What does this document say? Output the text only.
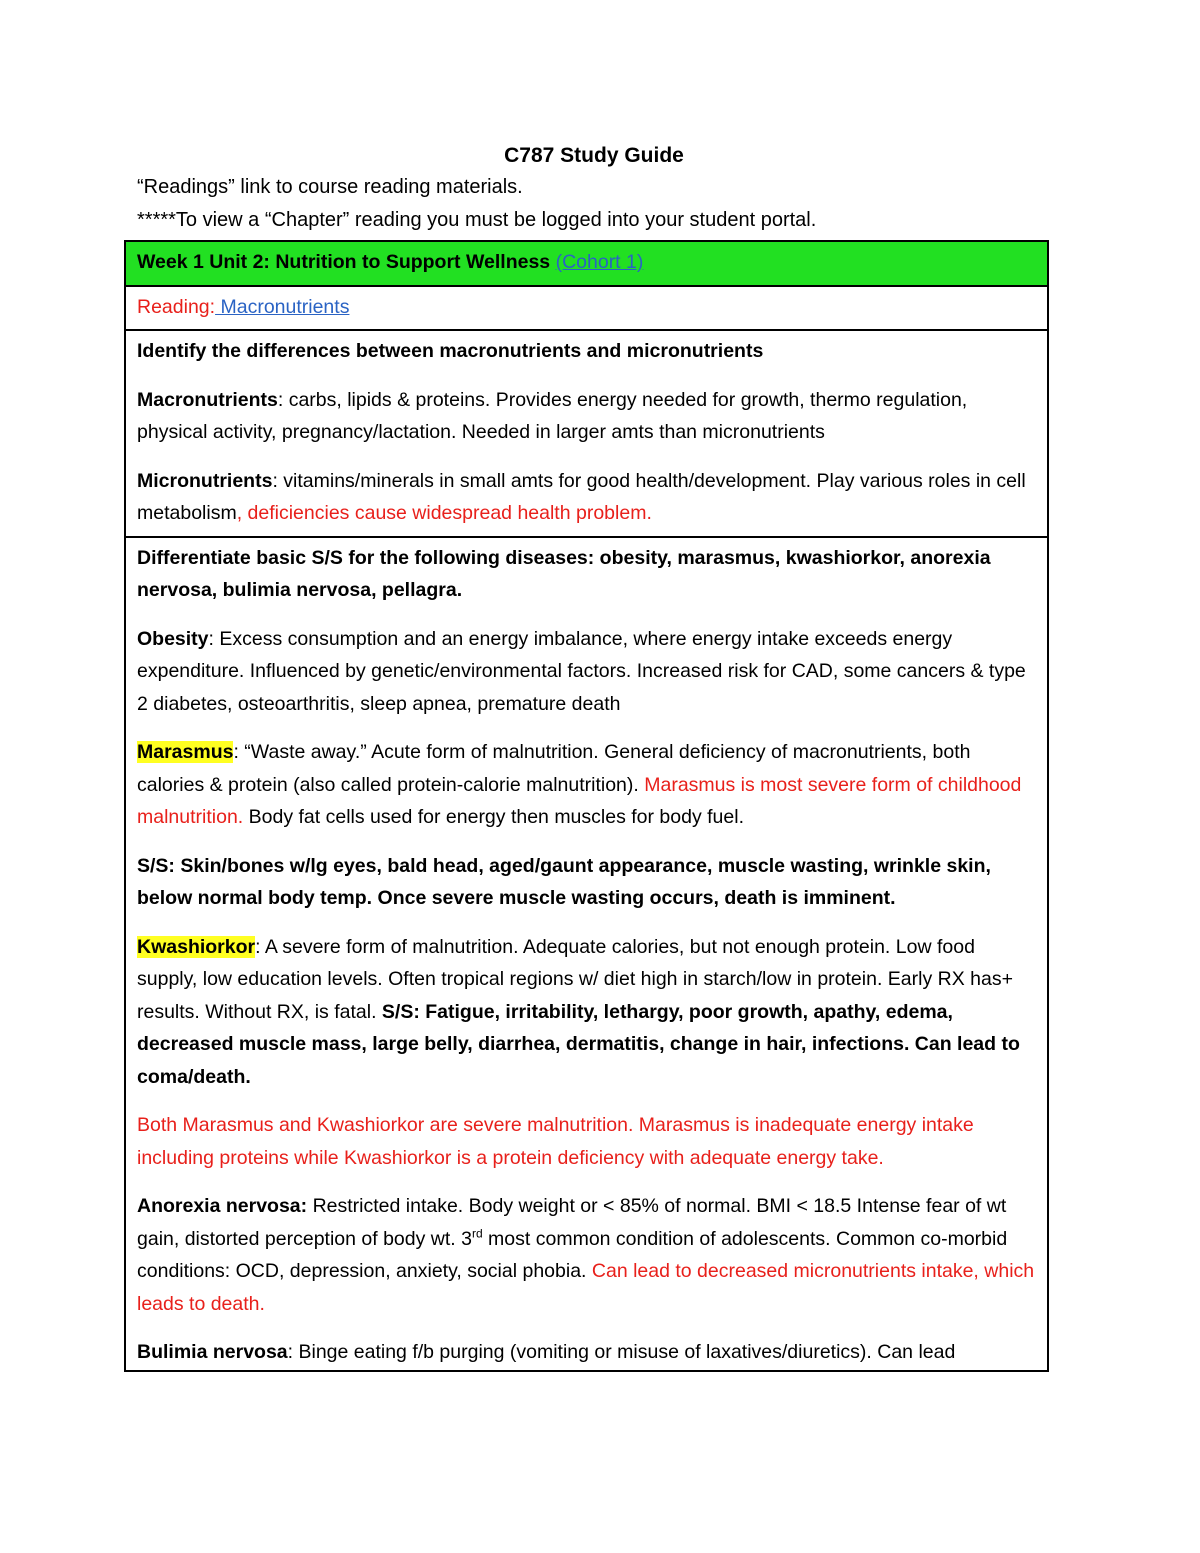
C787 Study Guide
“Readings” link to course reading materials.
*****To view a “Chapter” reading you must be logged into your student portal.
Week 1 Unit 2: Nutrition to Support Wellness (Cohort 1)
Reading: Macronutrients

Identify the differences between macronutrients and micronutrients

Macronutrients: carbs, lipids & proteins. Provides energy needed for growth, thermo regulation, physical activity, pregnancy/lactation. Needed in larger amts than micronutrients

Micronutrients: vitamins/minerals in small amts for good health/development. Play various roles in cell metabolism, deficiencies cause widespread health problem.

Differentiate basic S/S for the following diseases: obesity, marasmus, kwashiorkor, anorexia nervosa, bulimia nervosa, pellagra.

Obesity: Excess consumption and an energy imbalance, where energy intake exceeds energy expenditure. Influenced by genetic/environmental factors. Increased risk for CAD, some cancers & type 2 diabetes, osteoarthritis, sleep apnea, premature death

Marasmus: “Waste away.” Acute form of malnutrition. General deficiency of macronutrients, both calories & protein (also called protein-calorie malnutrition). Marasmus is most severe form of childhood malnutrition. Body fat cells used for energy then muscles for body fuel.

S/S: Skin/bones w/lg eyes, bald head, aged/gaunt appearance, muscle wasting, wrinkle skin, below normal body temp. Once severe muscle wasting occurs, death is imminent.

Kwashiorkor: A severe form of malnutrition. Adequate calories, but not enough protein. Low food supply, low education levels. Often tropical regions w/ diet high in starch/low in protein. Early RX has+ results. Without RX, is fatal. S/S: Fatigue, irritability, lethargy, poor growth, apathy, edema, decreased muscle mass, large belly, diarrhea, dermatitis, change in hair, infections. Can lead to coma/death.

Both Marasmus and Kwashiorkor are severe malnutrition. Marasmus is inadequate energy intake including proteins while Kwashiorkor is a protein deficiency with adequate energy take.

Anorexia nervosa: Restricted intake. Body weight or < 85% of normal. BMI < 18.5 Intense fear of wt gain, distorted perception of body wt. 3rd most common condition of adolescents. Common co-morbid conditions: OCD, depression, anxiety, social phobia. Can lead to decreased micronutrients intake, which leads to death.

Bulimia nervosa: Binge eating f/b purging (vomiting or misuse of laxatives/diuretics). Can lead
